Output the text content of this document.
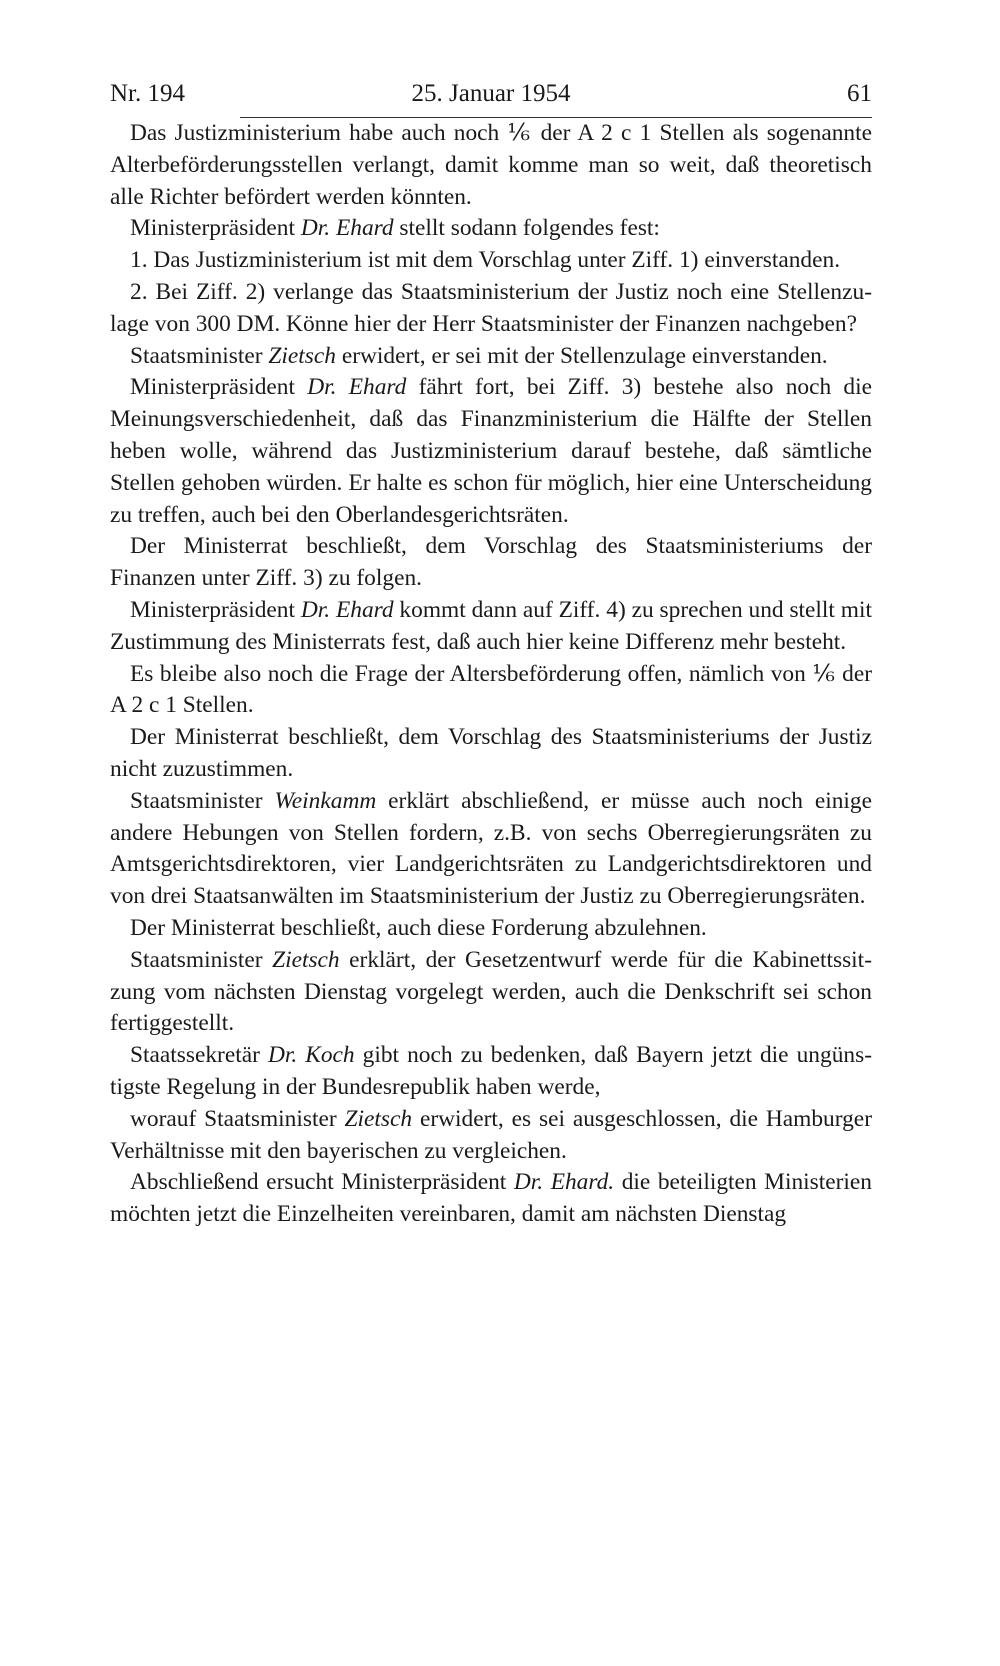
Nr. 194	25. Januar 1954	61

Das Justizministerium habe auch noch ⅙ der A 2 c 1 Stellen als sogenannte Alterbeförderungsstellen verlangt, damit komme man so weit, daß theoretisch alle Richter befördert werden könnten.

Ministerpräsident Dr. Ehard stellt sodann folgendes fest:

1. Das Justizministerium ist mit dem Vorschlag unter Ziff. 1) einverstanden.

2. Bei Ziff. 2) verlange das Staatsministerium der Justiz noch eine Stellenzulage von 300 DM. Könne hier der Herr Staatsminister der Finanzen nachgeben?

Staatsminister Zietsch erwidert, er sei mit der Stellenzulage einverstanden.

Ministerpräsident Dr. Ehard fährt fort, bei Ziff. 3) bestehe also noch die Meinungsverschiedenheit, daß das Finanzministerium die Hälfte der Stellen heben wolle, während das Justizministerium darauf bestehe, daß sämtliche Stellen gehoben würden. Er halte es schon für möglich, hier eine Unterscheidung zu treffen, auch bei den Oberlandesgerichtsräten.

Der Ministerrat beschließt, dem Vorschlag des Staatsministeriums der Finanzen unter Ziff. 3) zu folgen.

Ministerpräsident Dr. Ehard kommt dann auf Ziff. 4) zu sprechen und stellt mit Zustimmung des Ministerrats fest, daß auch hier keine Differenz mehr besteht.

Es bleibe also noch die Frage der Altersbeförderung offen, nämlich von ⅙ der A 2 c 1 Stellen.

Der Ministerrat beschließt, dem Vorschlag des Staatsministeriums der Justiz nicht zuzustimmen.

Staatsminister Weinkamm erklärt abschließend, er müsse auch noch einige andere Hebungen von Stellen fordern, z.B. von sechs Oberregierungsräten zu Amtsgerichtsdirektoren, vier Landgerichtsräten zu Landgerichtsdirektoren und von drei Staatsanwälten im Staatsministerium der Justiz zu Oberregierungsräten.

Der Ministerrat beschließt, auch diese Forderung abzulehnen.

Staatsminister Zietsch erklärt, der Gesetzentwurf werde für die Kabinettssitzung vom nächsten Dienstag vorgelegt werden, auch die Denkschrift sei schon fertiggestellt.

Staatssekretär Dr. Koch gibt noch zu bedenken, daß Bayern jetzt die ungünstigste Regelung in der Bundesrepublik haben werde,

worauf Staatsminister Zietsch erwidert, es sei ausgeschlossen, die Hamburger Verhältnisse mit den bayerischen zu vergleichen.

Abschließend ersucht Ministerpräsident Dr. Ehard. die beteiligten Ministerien möchten jetzt die Einzelheiten vereinbaren, damit am nächsten Dienstag
